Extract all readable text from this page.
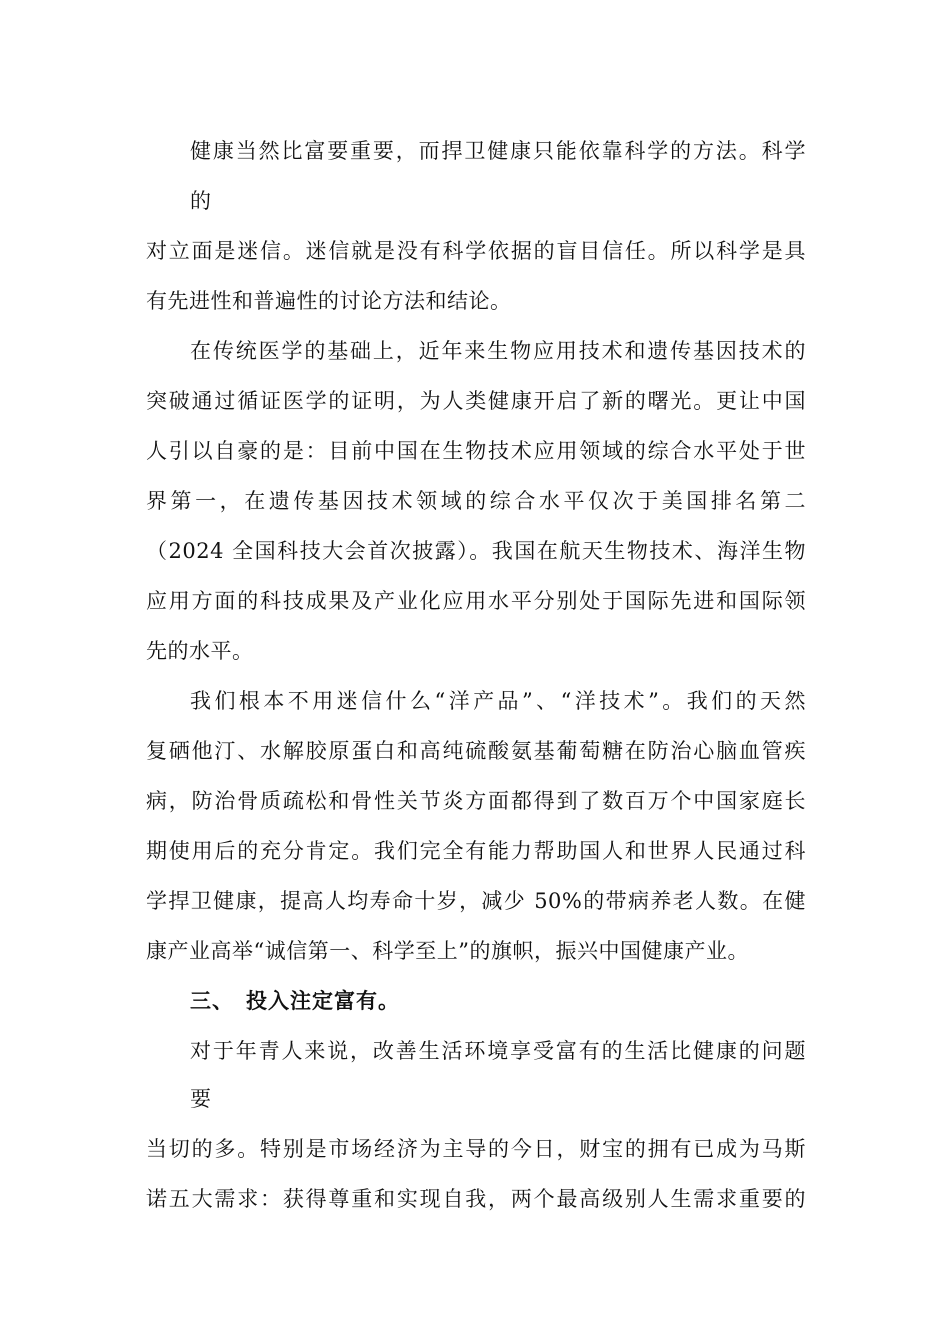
健康当然比富要重要，而捍卫健康只能依靠科学的方法。科学
的
对立面是迷信。迷信就是没有科学依据的盲目信任。所以科学是具
有先进性和普遍性的讨论方法和结论。
在传统医学的基础上，近年来生物应用技术和遗传基因技术的
突破通过循证医学的证明，为人类健康开启了新的曙光。更让中国
人引以自豪的是：目前中国在生物技术应用领域的综合水平处于世
界第一，在遗传基因技术领域的综合水平仅次于美国排名第二
（2024 全国科技大会首次披露）。我国在航天生物技术、海洋生物
应用方面的科技成果及产业化应用水平分别处于国际先进和国际领
先的水平。
我们根本不用迷信什么“洋产品”、“洋技术”。我们的天然
复硒他汀、水解胶原蛋白和高纯硫酸氨基葡萄糖在防治心脑血管疾
病，防治骨质疏松和骨性关节炎方面都得到了数百万个中国家庭长
期使用后的充分肯定。我们完全有能力帮助国人和世界人民通过科
学捍卫健康，提高人均寿命十岁，减少 50%的带病养老人数。在健
康产业高举“诚信第一、科学至上”的旗帜，振兴中国健康产业。
三、 投入注定富有。
对于年青人来说，改善生活环境享受富有的生活比健康的问题
要
当切的多。特别是市场经济为主导的今日，财宝的拥有已成为马斯
诺五大需求：获得尊重和实现自我，两个最高级别人生需求重要的
